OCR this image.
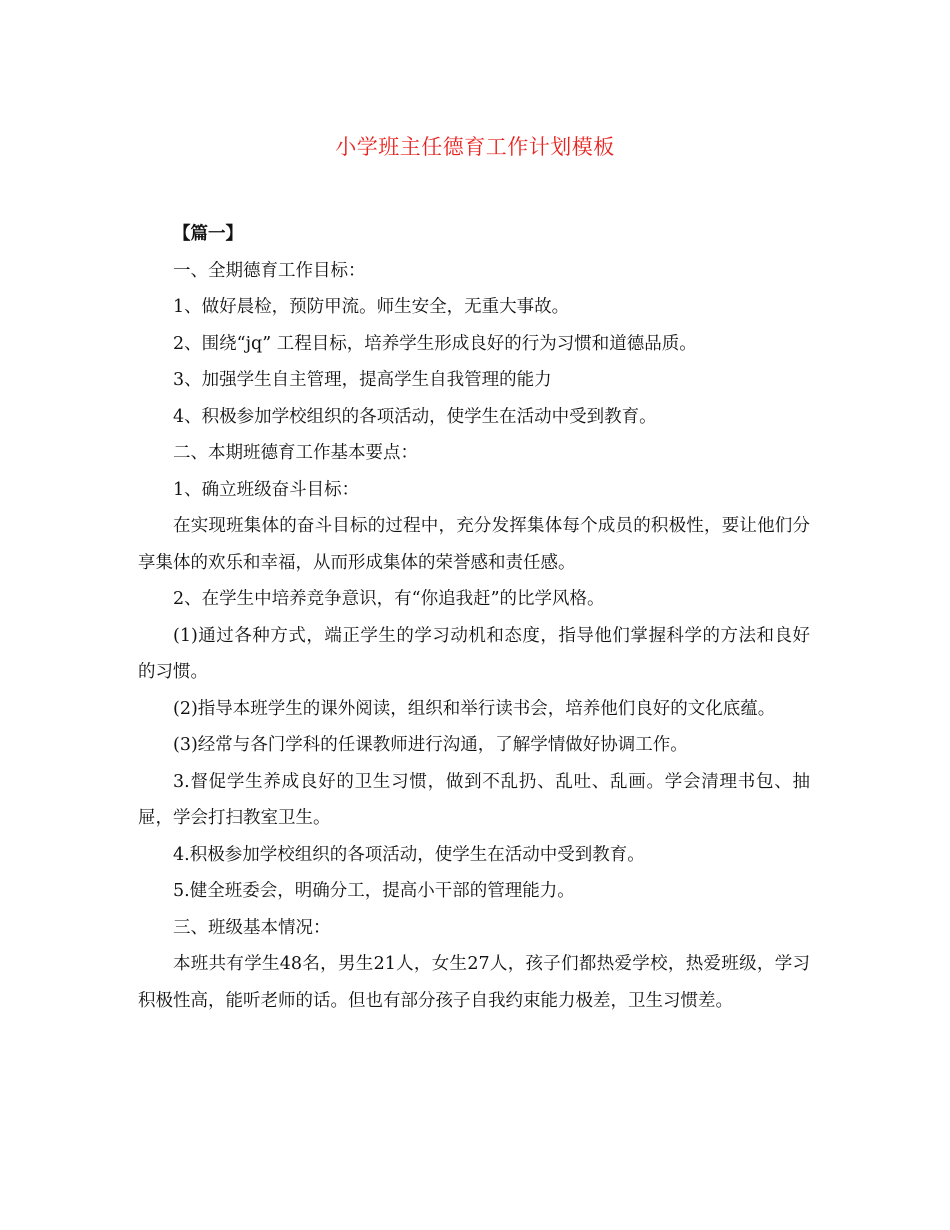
小学班主任德育工作计划模板

【篇一】

一、全期德育工作目标：

1、做好晨检，预防甲流。师生安全，无重大事故。

2、围绕“jq” 工程目标，培养学生形成良好的行为习惯和道德品质。

3、加强学生自主管理，提高学生自我管理的能力

4、积极参加学校组织的各项活动，使学生在活动中受到教育。

二、本期班德育工作基本要点：

1、确立班级奋斗目标：

在实现班集体的奋斗目标的过程中，充分发挥集体每个成员的积极性，要让他们分享集体的欢乐和幸福，从而形成集体的荣誉感和责任感。

2、在学生中培养竞争意识，有“你追我赶”的比学风格。

(1)通过各种方式，端正学生的学习动机和态度，指导他们掌握科学的方法和良好的习惯。

(2)指导本班学生的课外阅读，组织和举行读书会，培养他们良好的文化底蕴。

(3)经常与各门学科的任课教师进行沟通，了解学情做好协调工作。

3.督促学生养成良好的卫生习惯，做到不乱扔、乱吐、乱画。学会清理书包、抽屉，学会打扫教室卫生。

4.积极参加学校组织的各项活动，使学生在活动中受到教育。

5.健全班委会，明确分工，提高小干部的管理能力。

三、班级基本情况：

本班共有学生48名，男生21人，女生27人，孩子们都热爱学校，热爱班级，学习积极性高，能听老师的话。但也有部分孩子自我约束能力极差，卫生习惯差。
